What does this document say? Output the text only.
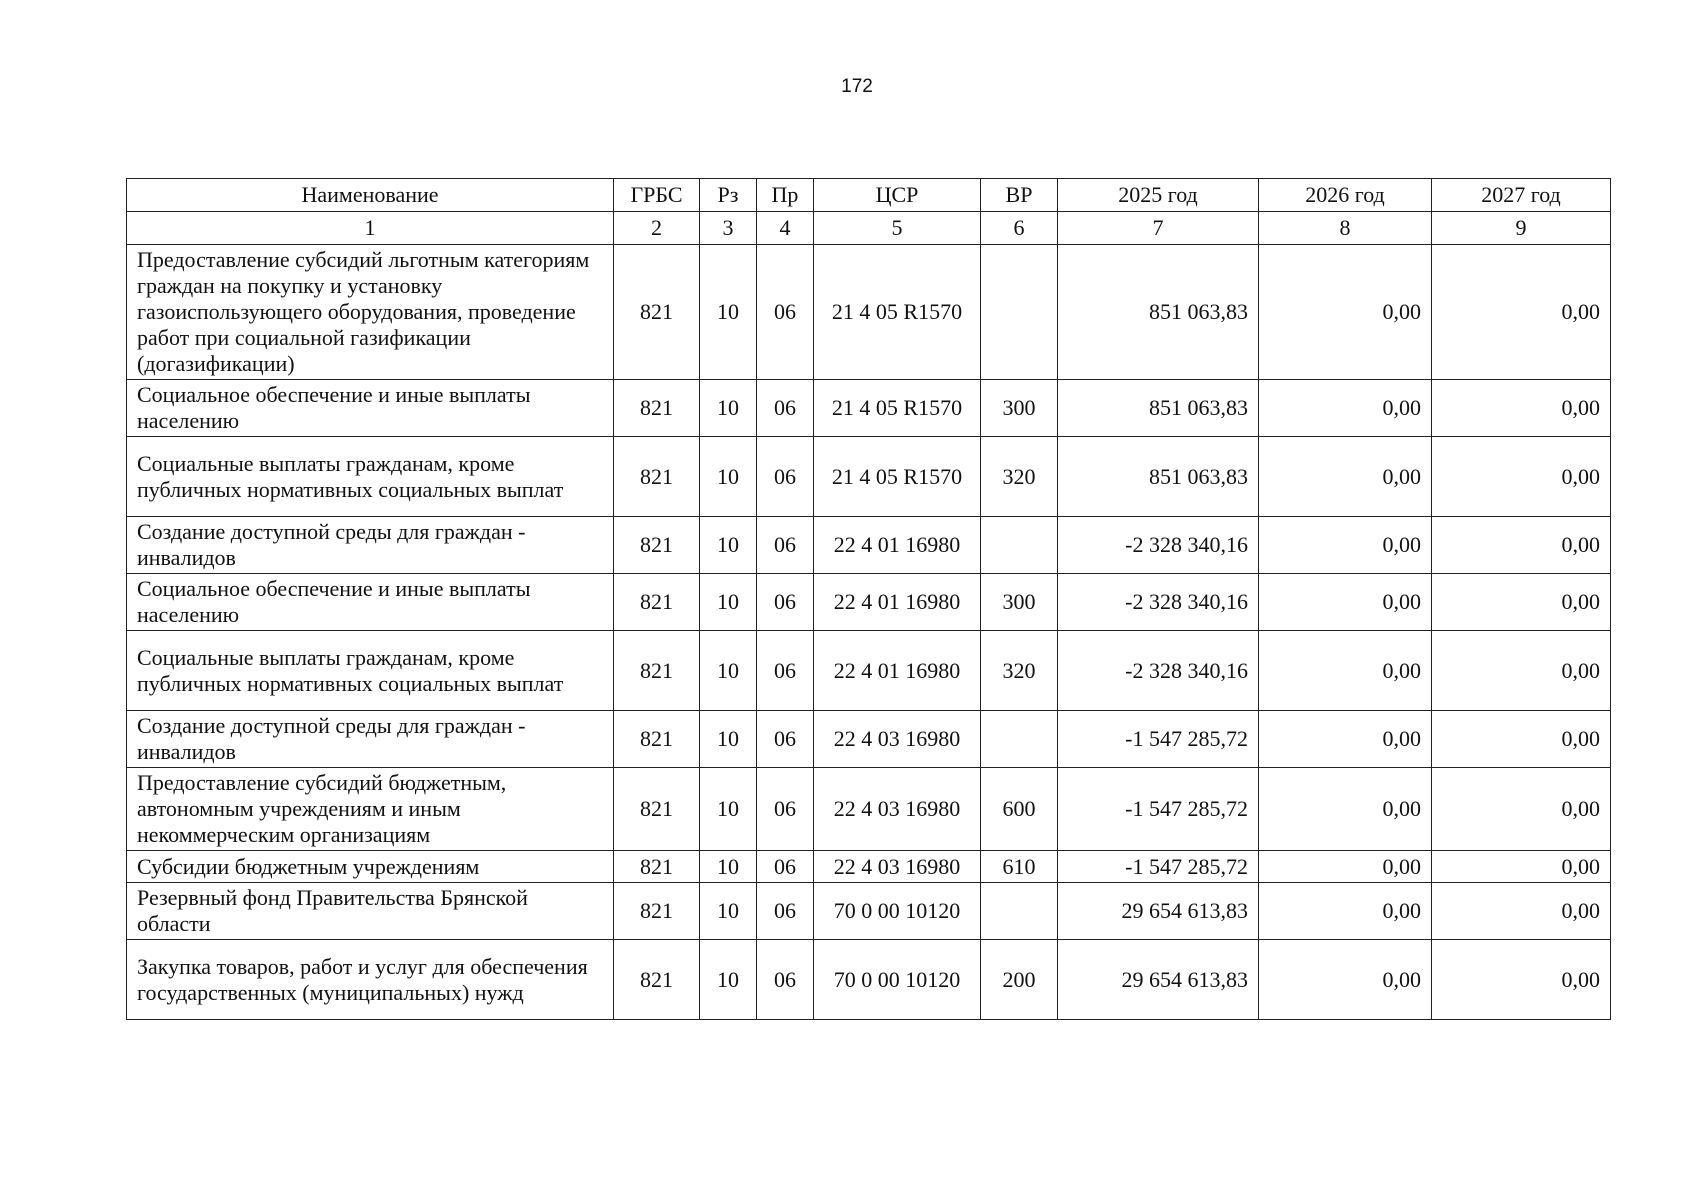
172
Наименование	ГРБС	Рз	Пр	ЦСР	ВР	2025 год	2026 год	2027 год
1	2	3	4	5	6	7	8	9
Предоставление субсидий льготным категориям граждан на покупку и установку газоиспользующего оборудования, проведение работ при социальной газификации (догазификации)	821	10	06	21 4 05 R1570		851 063,83	0,00	0,00
Социальное обеспечение и иные выплаты населению	821	10	06	21 4 05 R1570	300	851 063,83	0,00	0,00
Социальные выплаты гражданам, кроме публичных нормативных социальных выплат	821	10	06	21 4 05 R1570	320	851 063,83	0,00	0,00
Создание доступной среды для граждан - инвалидов	821	10	06	22 4 01 16980		-2 328 340,16	0,00	0,00
Социальное обеспечение и иные выплаты населению	821	10	06	22 4 01 16980	300	-2 328 340,16	0,00	0,00
Социальные выплаты гражданам, кроме публичных нормативных социальных выплат	821	10	06	22 4 01 16980	320	-2 328 340,16	0,00	0,00
Создание доступной среды для граждан - инвалидов	821	10	06	22 4 03 16980		-1 547 285,72	0,00	0,00
Предоставление субсидий бюджетным, автономным учреждениям и иным некоммерческим организациям	821	10	06	22 4 03 16980	600	-1 547 285,72	0,00	0,00
Субсидии бюджетным учреждениям	821	10	06	22 4 03 16980	610	-1 547 285,72	0,00	0,00
Резервный фонд Правительства Брянской области	821	10	06	70 0 00 10120		29 654 613,83	0,00	0,00
Закупка товаров, работ и услуг для обеспечения государственных (муниципальных) нужд	821	10	06	70 0 00 10120	200	29 654 613,83	0,00	0,00
